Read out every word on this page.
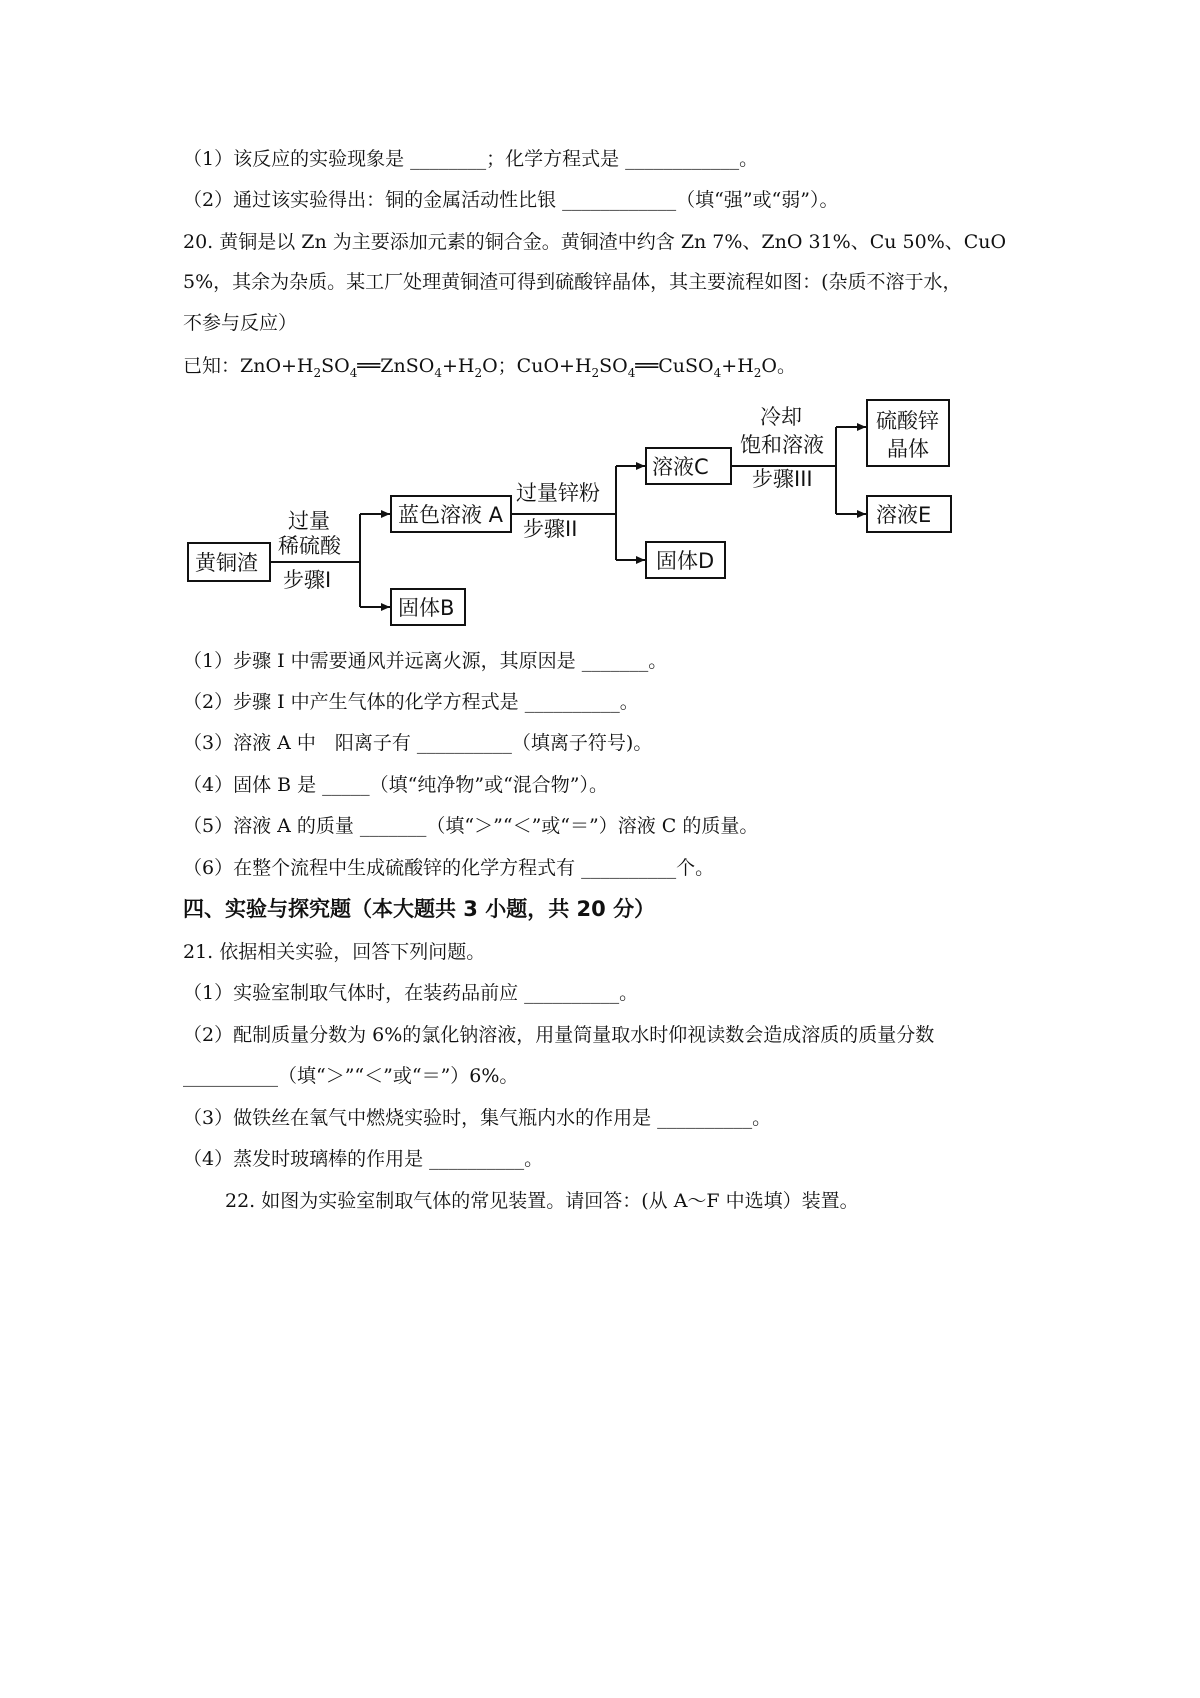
（1）该反应的实验现象是 ________；化学方程式是 ____________。
（2）通过该实验得出：铜的金属活动性比银 ____________（填“强”或“弱”）。
20. 黄铜是以 Zn 为主要添加元素的铜合金。黄铜渣中约含 Zn 7%、ZnO 31%、Cu 50%、CuO
5%，其余为杂质。某工厂处理黄铜渣可得到硫酸锌晶体，其主要流程如图：(杂质不溶于水，
不参与反应）
已知：$ZnO+H_2SO_4══ZnSO_4+H_2O$；$CuO+H_2SO_4══CuSO_4+H_2O$。
黄铜渣
过量
稀硫酸
步骤I
蓝色溶液 A
固体B
过量锌粉
步骤II
溶液C
固体D
冷却
饱和溶液
步骤III
硫酸锌
晶体
溶液E
（1）步骤 I 中需要通风并远离火源，其原因是 _______。
（2）步骤 I 中产生气体的化学方程式是 __________。
（3）溶液 A 中　阳离子有 __________（填离子符号)。
（4）固体 B 是 _____（填“纯净物”或“混合物”）。
（5）溶液 A 的质量 _______（填“＞”“＜”或“＝”）溶液 C 的质量。
（6）在整个流程中生成硫酸锌的化学方程式有 __________个。
四、实验与探究题（本大题共 3 小题，共 20 分）
21. 依据相关实验，回答下列问题。
（1）实验室制取气体时，在装药品前应 __________。
（2）配制质量分数为 6%的氯化钠溶液，用量筒量取水时仰视读数会造成溶质的质量分数
__________（填“＞”“＜”或“＝”）6%。
（3）做铁丝在氧气中燃烧实验时，集气瓶内水的作用是 __________。
（4）蒸发时玻璃棒的作用是 __________。
22. 如图为实验室制取气体的常见装置。请回答：(从 A～F 中选填）装置。
